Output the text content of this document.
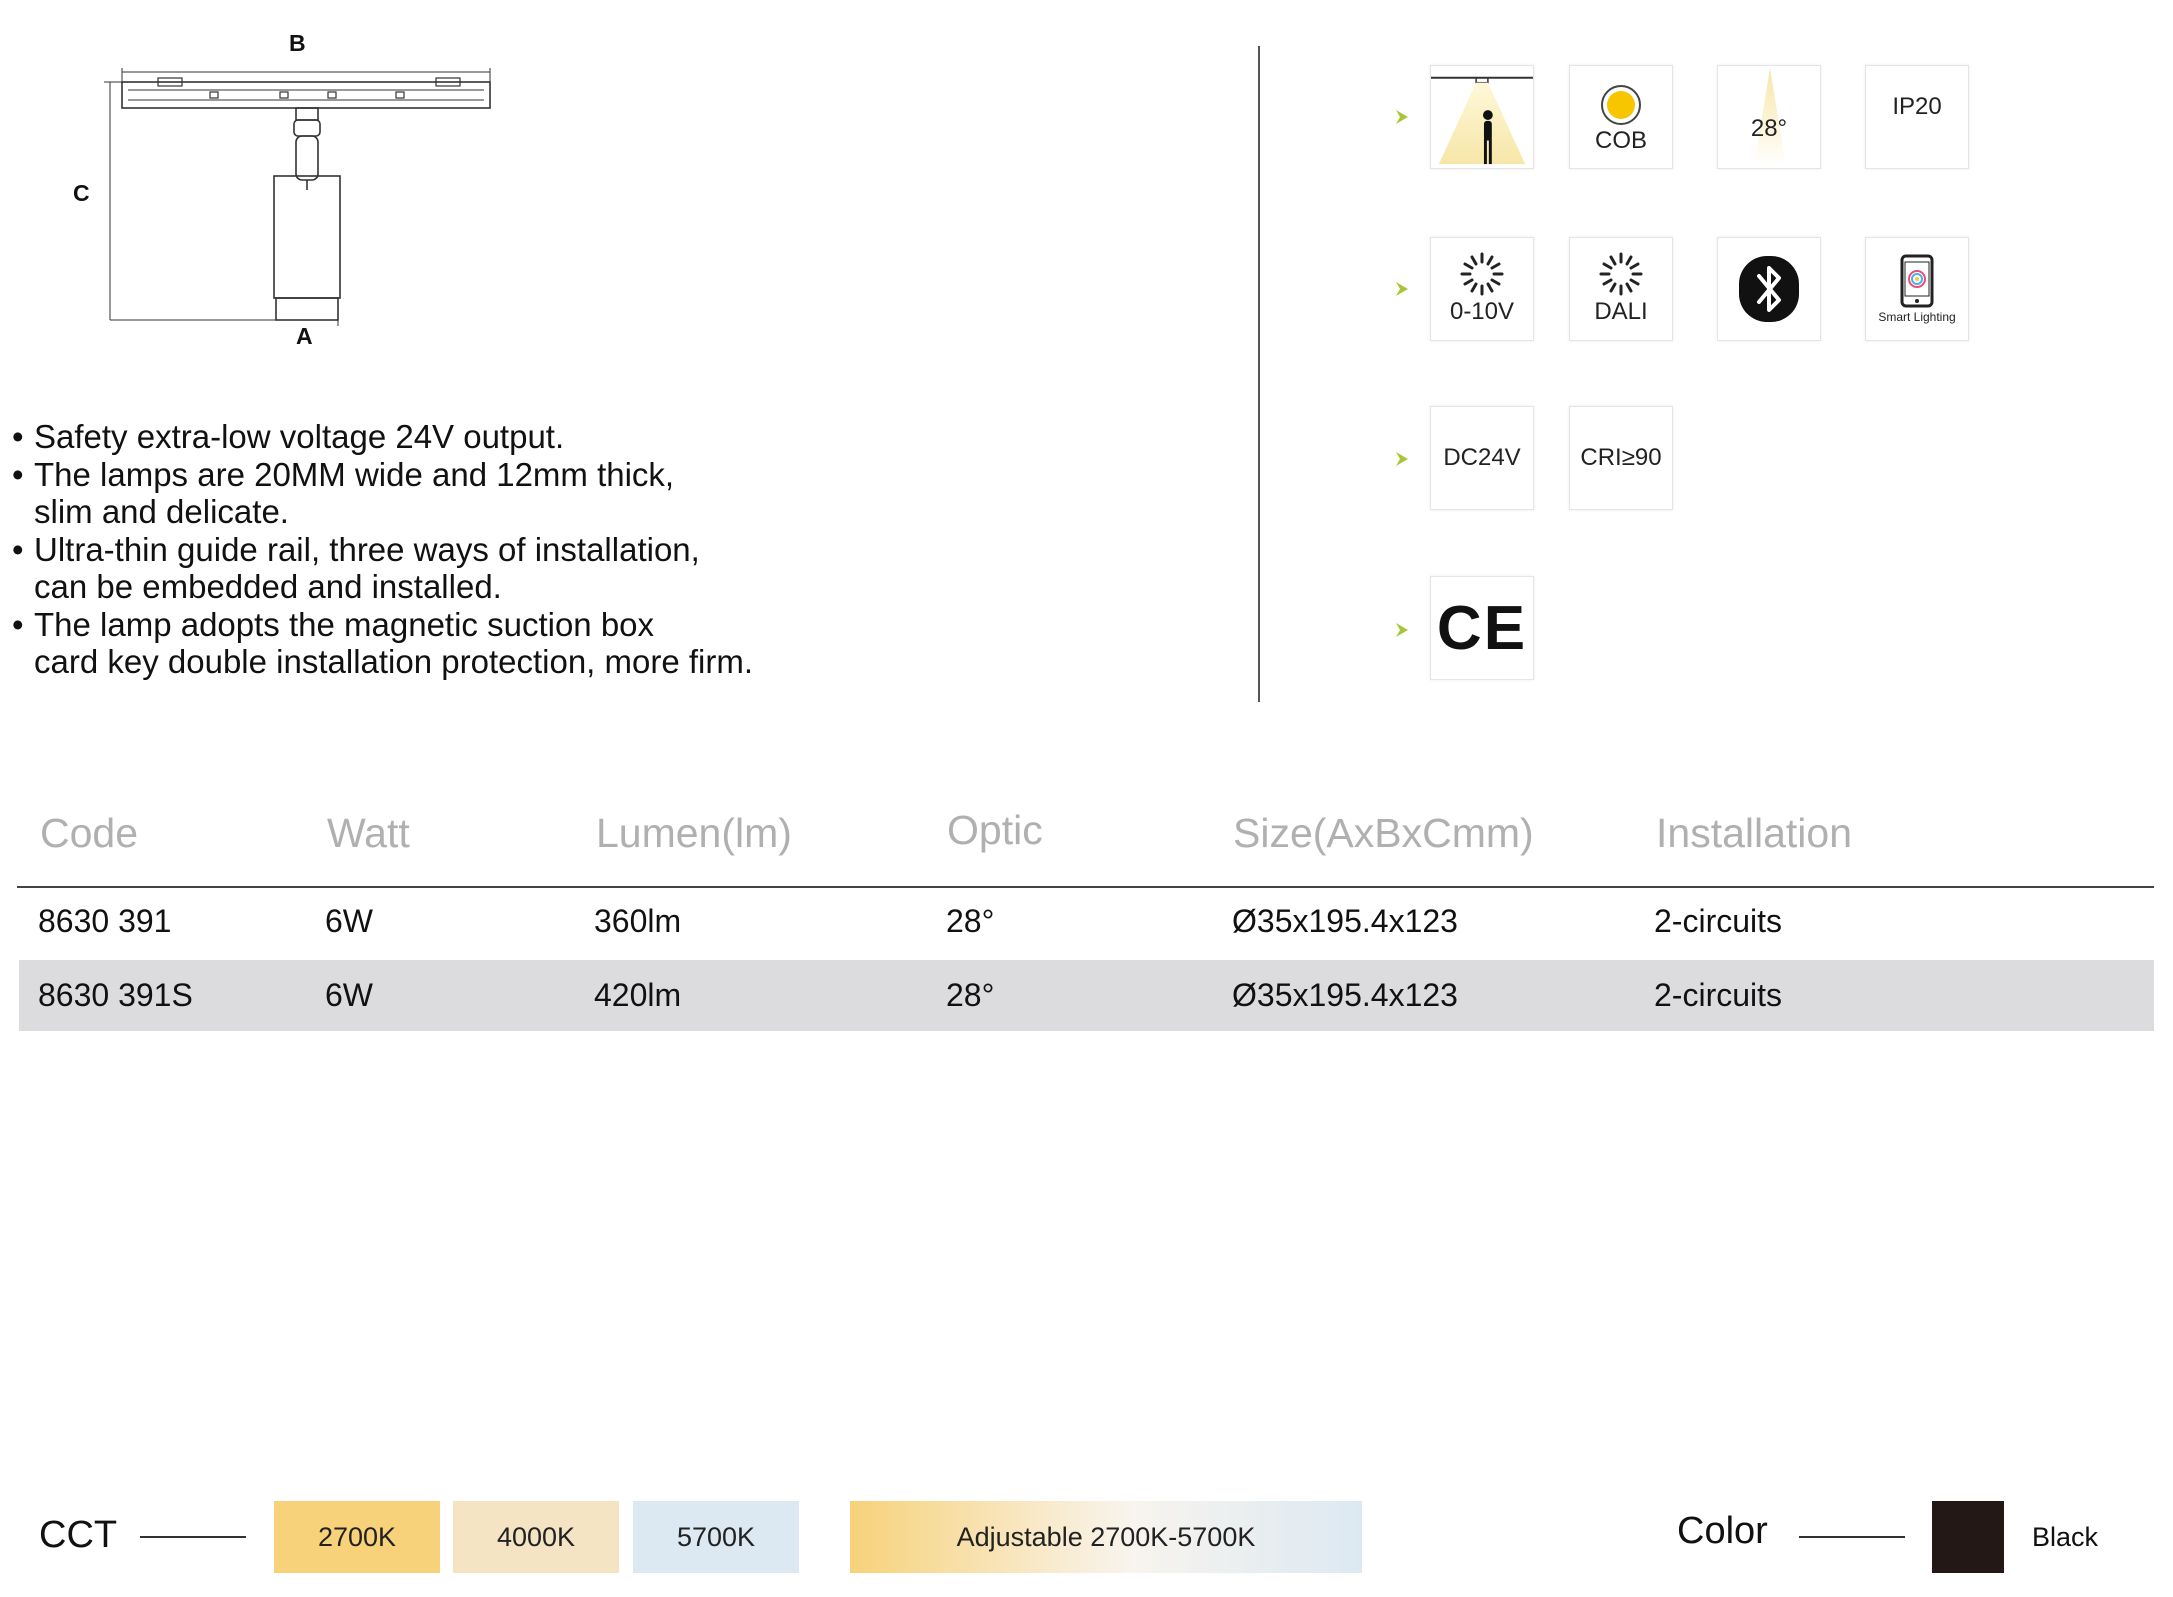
B
C
A
• Safety extra-low voltage 24V output.
• The lamps are 20MM wide and 12mm thick,
slim and delicate.
• Ultra-thin guide rail, three ways of installation,
can be embedded and installed.
• The lamp adopts the magnetic suction box
card key double installation protection, more firm.
COB	28°
IP20
0-10V	DALI	Smart Lighting
DC24V CRI≥90
CE
Code	Watt	Lumen(lm)	Optic	Size(AxBxCmm)	Installation
8630 391	6W	360lm	28°	Ø35x195.4x123	2-circuits
8630 391S	6W	420lm	28°	Ø35x195.4x123	2-circuits
CCT	2700K	4000K	5700K	Adjustable 2700K-5700K	Color	Black
